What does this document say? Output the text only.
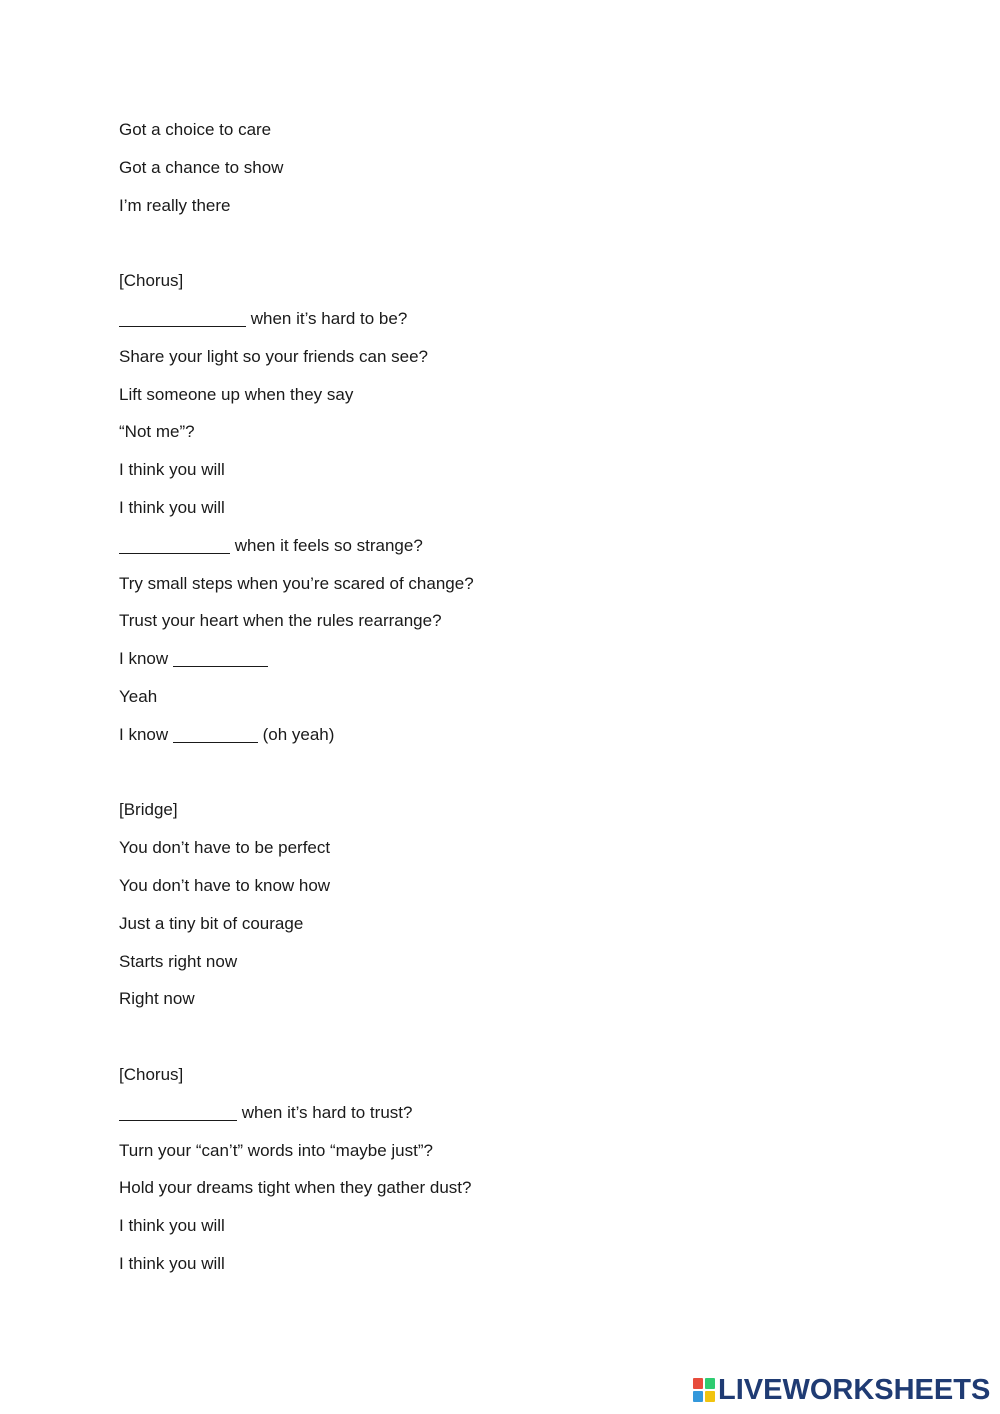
Got a choice to care
Got a chance to show
I’m really there
[Chorus]
when it’s hard to be?
Share your light so your friends can see?
Lift someone up when they say
“Not me”?
I think you will
I think you will
when it feels so strange?
Try small steps when you’re scared of change?
Trust your heart when the rules rearrange?
I know
Yeah
I know	(oh yeah)
[Bridge]
You don’t have to be perfect
You don’t have to know how
Just a tiny bit of courage
Starts right now
Right now
[Chorus]
when it’s hard to trust?
Turn your “can’t” words into “maybe just”?
Hold your dreams tight when they gather dust?
I think you will
I think you will
LIVEWORKSHEETS
